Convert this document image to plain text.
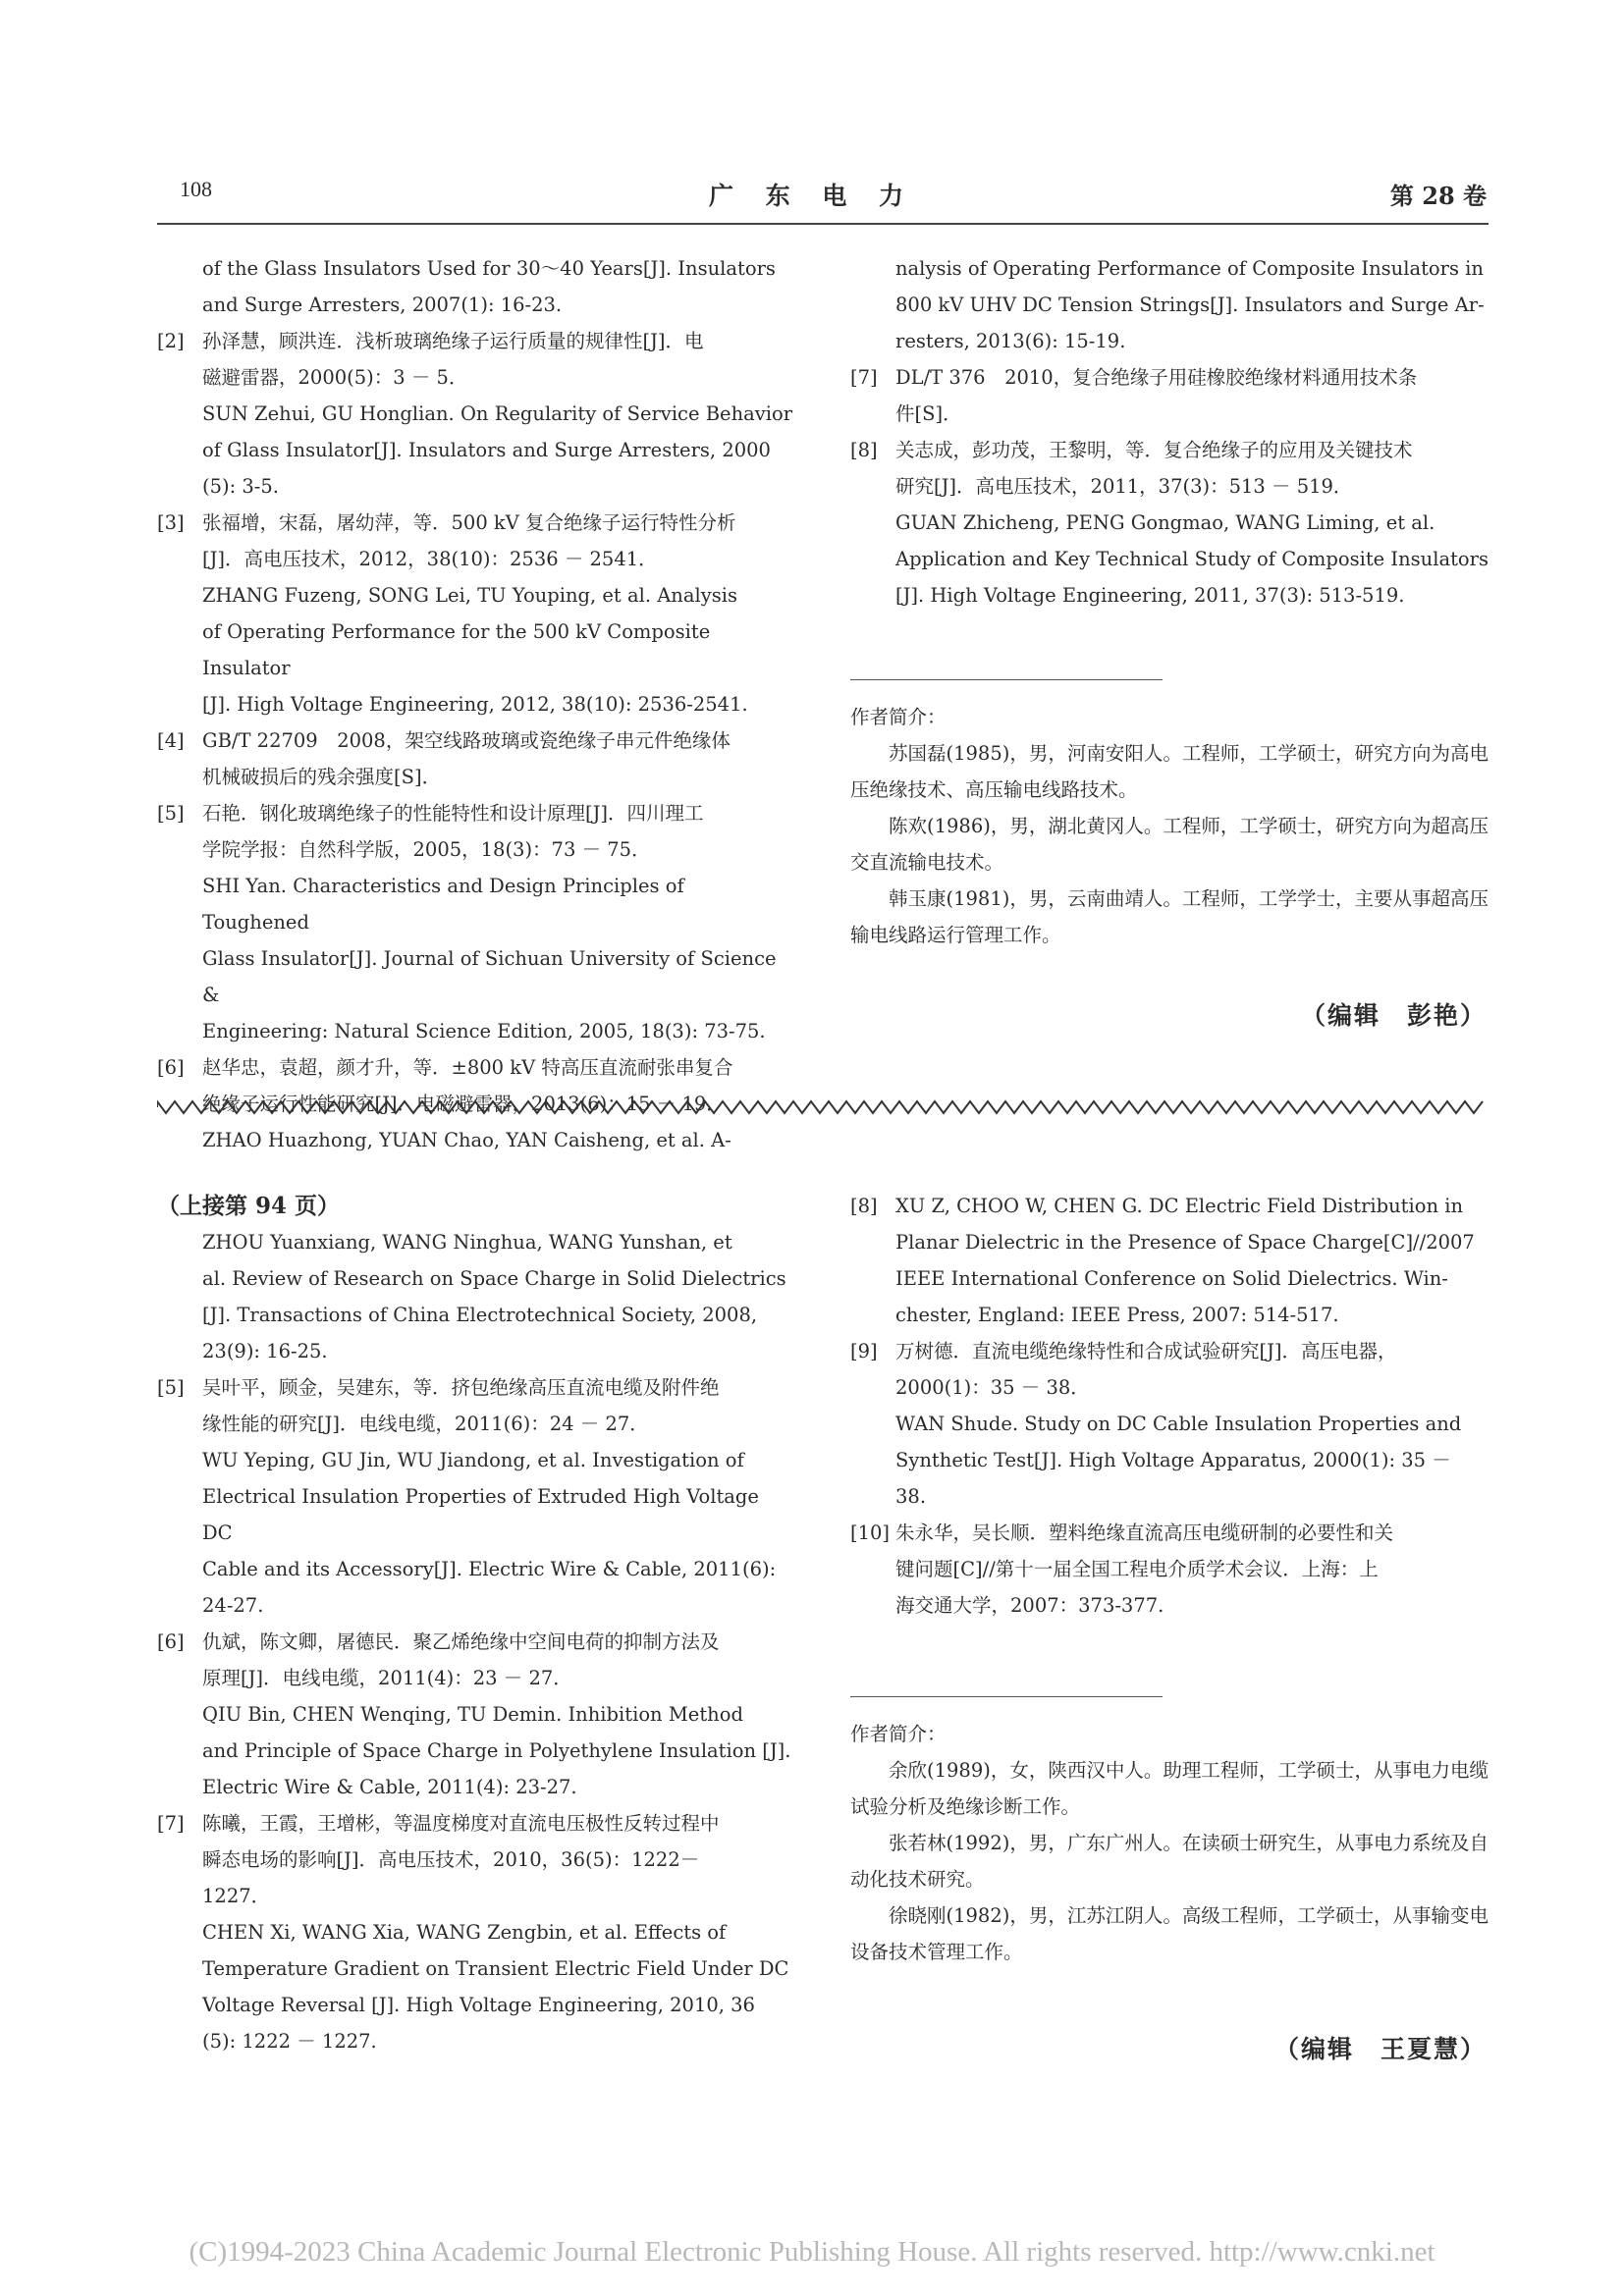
108	广 东 电 力	第 28 卷

of the Glass Insulators Used for 30～40 Years[J]. Insulators

and Surge Arresters, 2007(1): 16-23.

[2] 孙泽慧，顾洪连．浅析玻璃绝缘子运行质量的规律性[J]．电

磁避雷器，2000(5)：3 － 5．

SUN Zehui, GU Honglian. On Regularity of Service Behavior

of Glass Insulator[J]. Insulators and Surge Arresters, 2000

(5): 3-5.

[3] 张福增，宋磊，屠幼萍，等．500 kV 复合绝缘子运行特性分析

[J]．高电压技术，2012，38(10)：2536 － 2541．

ZHANG Fuzeng, SONG Lei, TU Youping, et al. Analysis

of Operating Performance for the 500 kV Composite Insulator

[J]. High Voltage Engineering, 2012, 38(10): 2536-2541.

[4] GB/T 22709　2008，架空线路玻璃或瓷绝缘子串元件绝缘体

机械破损后的残余强度[S]．

[5] 石艳．钢化玻璃绝缘子的性能特性和设计原理[J]．四川理工

学院学报：自然科学版，2005，18(3)：73 － 75．

SHI Yan. Characteristics and Design Principles of Toughened

Glass Insulator[J]. Journal of Sichuan University of Science &

Engineering: Natural Science Edition, 2005, 18(3): 73-75.

[6] 赵华忠，袁超，颜才升，等．±800 kV 特高压直流耐张串复合

绝缘子运行性能研究[J]．电磁避雷器，2013(6)：15 － 19．

ZHAO Huazhong, YUAN Chao, YAN Caisheng, et al. A-

nalysis of Operating Performance of Composite Insulators in

800 kV UHV DC Tension Strings[J]. Insulators and Surge Ar-

resters, 2013(6): 15-19.

[7] DL/T 376　2010，复合绝缘子用硅橡胶绝缘材料通用技术条

件[S]．

[8] 关志成，彭功茂，王黎明，等．复合绝缘子的应用及关键技术

研究[J]．高电压技术，2011，37(3)：513 － 519．

GUAN Zhicheng, PENG Gongmao, WANG Liming, et al.

Application and Key Technical Study of Composite Insulators

[J]. High Voltage Engineering, 2011, 37(3): 513-519.

作者简介：

苏国磊(1985)，男，河南安阳人。工程师，工学硕士，研究方向为高电压绝缘技术、高压输电线路技术。

陈欢(1986)，男，湖北黄冈人。工程师，工学硕士，研究方向为超高压交直流输电技术。

韩玉康(1981)，男，云南曲靖人。工程师，工学学士，主要从事超高压输电线路运行管理工作。

（编辑　彭艳）
（上接第 94 页）

ZHOU Yuanxiang, WANG Ninghua, WANG Yunshan, et

al. Review of Research on Space Charge in Solid Dielectrics

[J]. Transactions of China Electrotechnical Society, 2008,

23(9): 16-25.

[5] 吴叶平，顾金，吴建东，等．挤包绝缘高压直流电缆及附件绝

缘性能的研究[J]．电线电缆，2011(6)：24 － 27．

WU Yeping, GU Jin, WU Jiandong, et al. Investigation of

Electrical Insulation Properties of Extruded High Voltage DC

Cable and its Accessory[J]. Electric Wire & Cable, 2011(6):

24-27.

[6] 仇斌，陈文卿，屠德民．聚乙烯绝缘中空间电荷的抑制方法及

原理[J]．电线电缆，2011(4)：23 － 27．

QIU Bin, CHEN Wenqing, TU Demin. Inhibition Method

and Principle of Space Charge in Polyethylene Insulation [J].

Electric Wire & Cable, 2011(4): 23-27.

[7] 陈曦，王霞，王增彬，等温度梯度对直流电压极性反转过程中

瞬态电场的影响[J]．高电压技术，2010，36(5)：1222－

1227．

CHEN Xi, WANG Xia, WANG Zengbin, et al. Effects of

Temperature Gradient on Transient Electric Field Under DC

Voltage Reversal [J]. High Voltage Engineering, 2010, 36

(5): 1222 － 1227.

[8] XU Z, CHOO W, CHEN G. DC Electric Field Distribution in

Planar Dielectric in the Presence of Space Charge[C]//2007

IEEE International Conference on Solid Dielectrics. Win-

chester, England: IEEE Press, 2007: 514-517.

[9] 万树德．直流电缆绝缘特性和合成试验研究[J]．高压电器，

2000(1)：35 － 38．

WAN Shude. Study on DC Cable Insulation Properties and

Synthetic Test[J]. High Voltage Apparatus, 2000(1): 35 －

38.

[10] 朱永华，吴长顺．塑料绝缘直流高压电缆研制的必要性和关

键问题[C]//第十一届全国工程电介质学术会议．上海：上

海交通大学，2007：373-377.

作者简介：

余欣(1989)，女，陕西汉中人。助理工程师，工学硕士，从事电力电缆试验分析及绝缘诊断工作。

张若林(1992)，男，广东广州人。在读硕士研究生，从事电力系统及自动化技术研究。

徐晓刚(1982)，男，江苏江阴人。高级工程师，工学硕士，从事输变电设备技术管理工作。

（编辑　王夏慧）
(C)1994-2023 China Academic Journal Electronic Publishing House. All rights reserved. http://www.cnki.net
